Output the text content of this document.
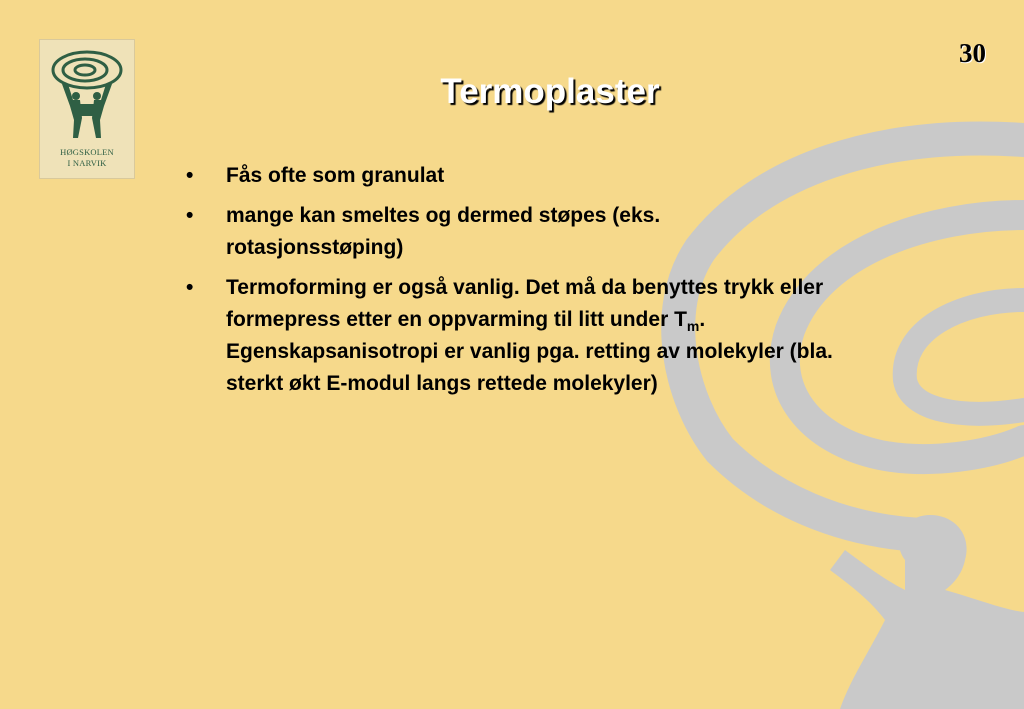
HØGSKOLEN
I NARVIK
30
Termoplaster
•	Fås ofte som granulat
•	mange kan smeltes og dermed støpes (eks. rotasjonsstøping)
•	Termoforming er også vanlig. Det må da benyttes trykk eller formepress etter en oppvarming til litt under $T_m$. Egenskapsanisotropi er vanlig pga. retting av molekyler (bla. sterkt økt E-modul langs rettede molekyler)
